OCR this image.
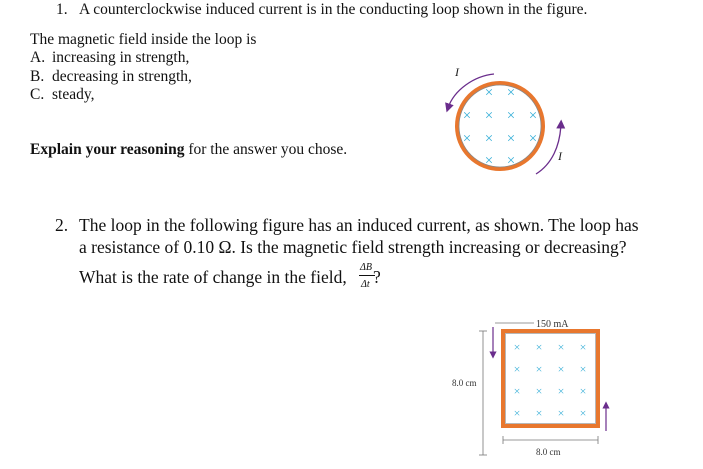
1. A counterclockwise induced current is in the conducting loop shown in the figure.
The magnetic field inside the loop is
A. increasing in strength,
B. decreasing in strength,
C. steady,
Explain your reasoning for the answer you chose.
I
I
× ×
× × × ×
× × × ×
× ×
2. The loop in the following figure has an induced current, as shown. The loop has
a resistance of 0.10 Ω. Is the magnetic field strength increasing or decreasing?
What is the rate of change in the field, ΔB
Δt ?
150 mA
8.0 cm
× × × ×
× × × ×
× × × ×
× × × ×
8.0 cm
